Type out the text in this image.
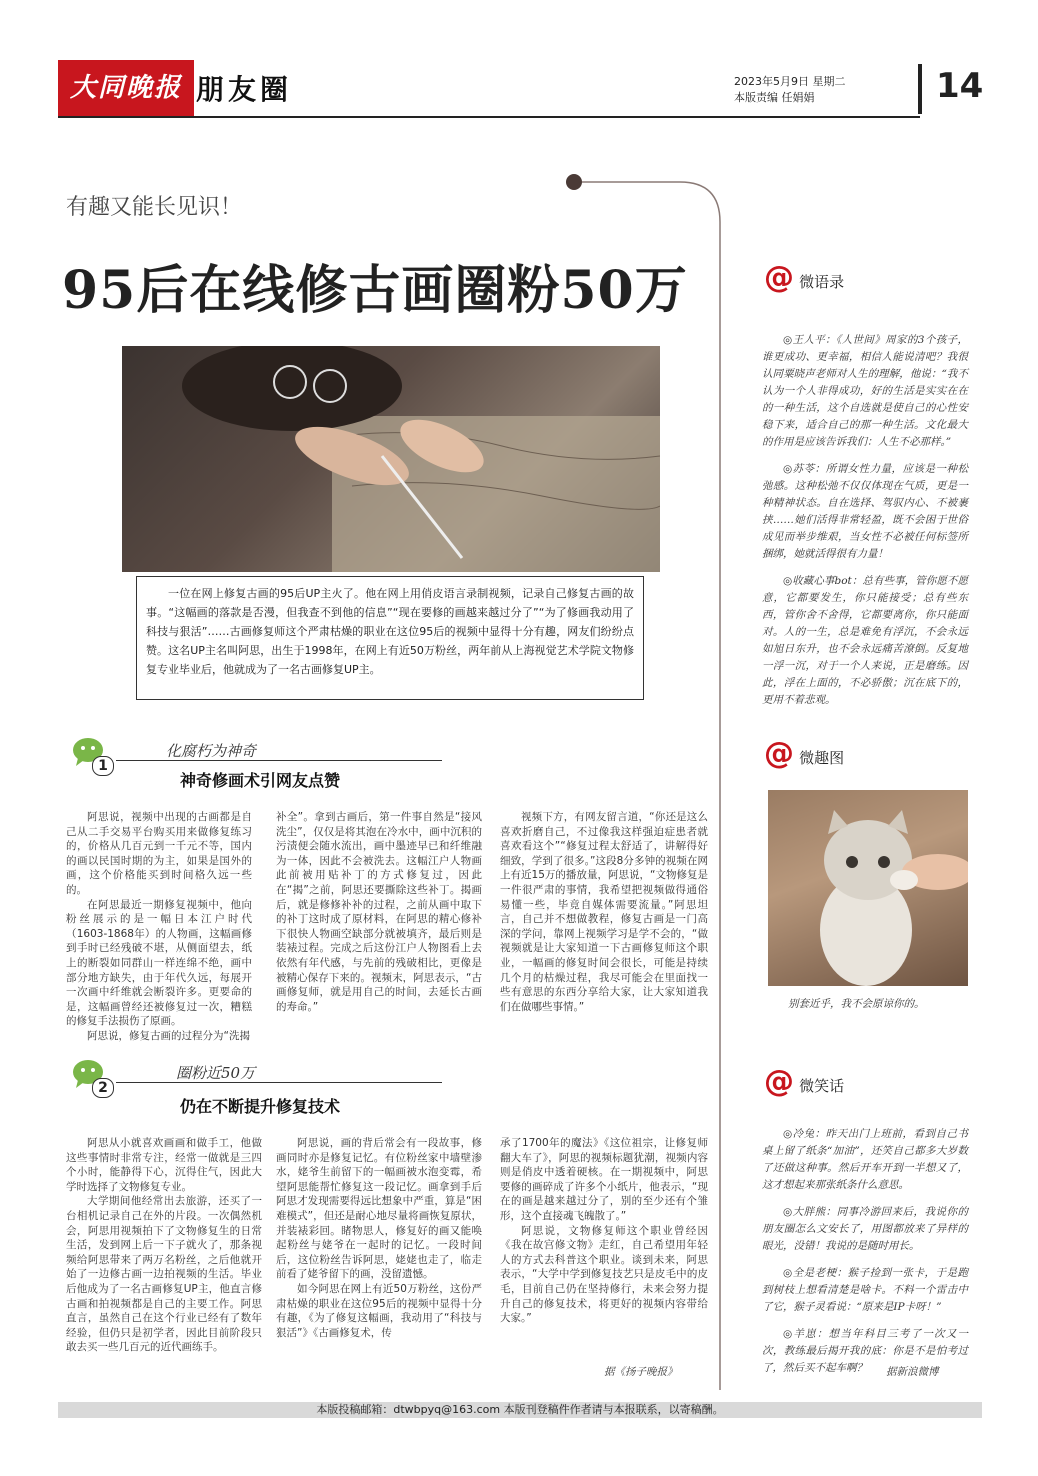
大同晚报 朋友圈	2023年5月9日 星期二
本版责编 任娟娟	14
有趣又能长见识！
95后在线修古画圈粉50万
一位在网上修复古画的95后UP主火了。他在网上用俏皮语言录制视频，记录自己修复古画的故事。“这幅画的落款是否漫，但我查不到他的信息”“现在要修的画越来越过分了”“为了修画我动用了科技与狠活”……古画修复师这个严肃枯燥的职业在这位95后的视频中显得十分有趣，网友们纷纷点赞。这名UP主名叫阿思，出生于1998年，在网上有近50万粉丝，两年前从上海视觉艺术学院文物修复专业毕业后，他就成为了一名古画修复UP主。
1
化腐朽为神奇
神奇修画术引网友点赞

阿思说，视频中出现的古画都是自己从二手交易平台购买用来做修复练习的，价格从几百元到一千元不等，国内的画以民国时期的为主，如果是国外的画，这个价格能买到时间格久远一些的。

在阿思最近一期修复视频中，他向粉丝展示的是一幅日本江户时代（1603-1868年）的人物画，这幅画修到手时已经残破不堪，从侧面望去，纸上的断裂如同群山一样连绵不绝，画中部分地方缺失，由于年代久远，每展开一次画中纤维就会断裂许多。更要命的是，这幅画曾经还被修复过一次，糟糕的修复手法损伤了原画。

阿思说，修复古画的过程分为“洗揭

补全”。拿到古画后，第一件事自然是“接风洗尘”，仅仅是将其泡在冷水中，画中沉积的污渍便会随水流出，画中墨迹早已和纤维融为一体，因此不会被洗去。这幅江户人物画此前被用贴补丁的方式修复过，因此在“揭”之前，阿思还要撕除这些补丁。揭画后，就是修修补补的过程，之前从画中取下的补丁这时成了原材料，在阿思的精心修补下很快人物画空缺部分就被填齐，最后则是装裱过程。完成之后这份江户人物图看上去依然有年代感，与先前的残破相比，更像是被精心保存下来的。视频末，阿思表示，“古画修复师，就是用自己的时间，去延长古画的寿命。”

视频下方，有网友留言道，“你还是这么喜欢折磨自己，不过像我这样强迫症患者就喜欢看这个”“修复过程太舒适了，讲解得好细致，学到了很多。”这段8分多钟的视频在网上有近15万的播放量，阿思说，“文物修复是一件很严肃的事情，我希望把视频做得通俗易懂一些，毕竟自媒体需要流量。”阿思坦言，自己并不想做教程，修复古画是一门高深的学问，靠网上视频学习是学不会的，“做视频就是让大家知道一下古画修复师这个职业，一幅画的修复时间会很长，可能是持续几个月的枯燥过程，我尽可能会在里面找一些有意思的东西分享给大家，让大家知道我们在做哪些事情。”

2
圈粉近50万
仍在不断提升修复技术

阿思从小就喜欢画画和做手工，他做这些事情时非常专注，经常一做就是三四个小时，能静得下心，沉得住气，因此大学时选择了文物修复专业。

大学期间他经常出去旅游，还买了一台相机记录自己在外的片段。一次偶然机会，阿思用视频拍下了文物修复生的日常生活，发到网上后一下子就火了，那条视频给阿思带来了两万名粉丝，之后他就开始了一边修古画一边拍视频的生活。毕业后他成为了一名古画修复UP主，他直言修古画和拍视频都是自己的主要工作。阿思直言，虽然自己在这个行业已经有了数年经验，但仍只是初学者，因此目前阶段只敢去买一些几百元的近代画练手。

阿思说，画的背后常会有一段故事，修画同时亦是修复记忆。有位粉丝家中墙壁渗水，姥爷生前留下的一幅画被水泡变霉，希望阿思能帮忙修复这一段记忆。画拿到手后阿思才发现需要得远比想象中严重，算是“困难模式”，但还是耐心地尽量将画恢复原状，并装裱彩回。睹物思人，修复好的画又能唤起粉丝与姥爷在一起时的记忆。一段时间后，这位粉丝告诉阿思，姥姥也走了，临走前看了姥爷留下的画，没留遗憾。

如今阿思在网上有近50万粉丝，这份严肃枯燥的职业在这位95后的视频中显得十分有趣，《为了修复这幅画，我动用了“科技与狠活”》《古画修复术，传

承了1700年的魔法》《这位祖宗，让修复师翻大车了》，阿思的视频标题犹潮，视频内容则是俏皮中透着硬核。在一期视频中，阿思要修的画碎成了许多个小纸片，他表示，“现在的画是越来越过分了，别的至少还有个雏形，这个直接魂飞魄散了。”

阿思说，文物修复师这个职业曾经因《我在故宫修文物》走红，自己希望用年轻人的方式去科普这个职业。谈到未来，阿思表示，“大学中学到修复技艺只是皮毛中的皮毛，目前自己仍在坚持修行，未来会努力提升自己的修复技术，将更好的视频内容带给大家。”

据《扬子晚报》
@ 微语录

◎王人平：《人世间》周家的3个孩子，谁更成功、更幸福，相信人能说清吧？我很认同粟晓声老师对人生的理解，他说：“我不认为一个人非得成功，好的生活是实实在在的一种生活，这个自选就是使自己的心性安稳下来，适合自己的那一种生活。文化最大的作用是应该告诉我们：人生不必那样。”

◎苏苓：所谓女性力量，应该是一种松弛感。这种松弛不仅仅体现在气质，更是一种精神状态。自在选择、驾驭内心、不被裹挟……她们活得非常轻盈，既不会困于世俗成见而举步维艰，当女性不必被任何标签所捆绑，她就活得很有力量！

◎收藏心事bot：总有些事，管你愿不愿意，它都要发生，你只能接受；总有些东西，管你舍不舍得，它都要离你，你只能面对。人的一生，总是难免有浮沉，不会永远如旭日东升，也不会永远痛苦潦倒。反复地一浮一沉，对于一个人来说，正是磨练。因此，浮在上面的，不必骄傲；沉在底下的，更用不着悲观。

@ 微趣图
别套近乎，我不会原谅你的。
@ 微笑话

◎冷兔：昨天出门上班前，看到自己书桌上留了纸条“加油”，还笑自己都多大岁数了还做这种事。然后开车开到一半想又了，这才想起来那张纸条什么意思。

◎大胖熊：同事冷游回来后，我说你的朋友圈怎么文安长了，用图都放来了异样的眼光，没错！我说的是随时用长。

◎全是老梗：猴子捡到一张卡，于是跑到树枝上想看清楚是啥卡。不料一个雷击中了它，猴子灵看说：“原来是IP卡呀！”

◎羊崽：想当年科目三考了一次又一次，教练最后揭开我的底：你是不是怕考过了，然后买不起车啊？	据新浪微博
本版投稿邮箱：dtwbpyq@163.com 本版刊登稿件作者请与本报联系，以寄稿酬。
